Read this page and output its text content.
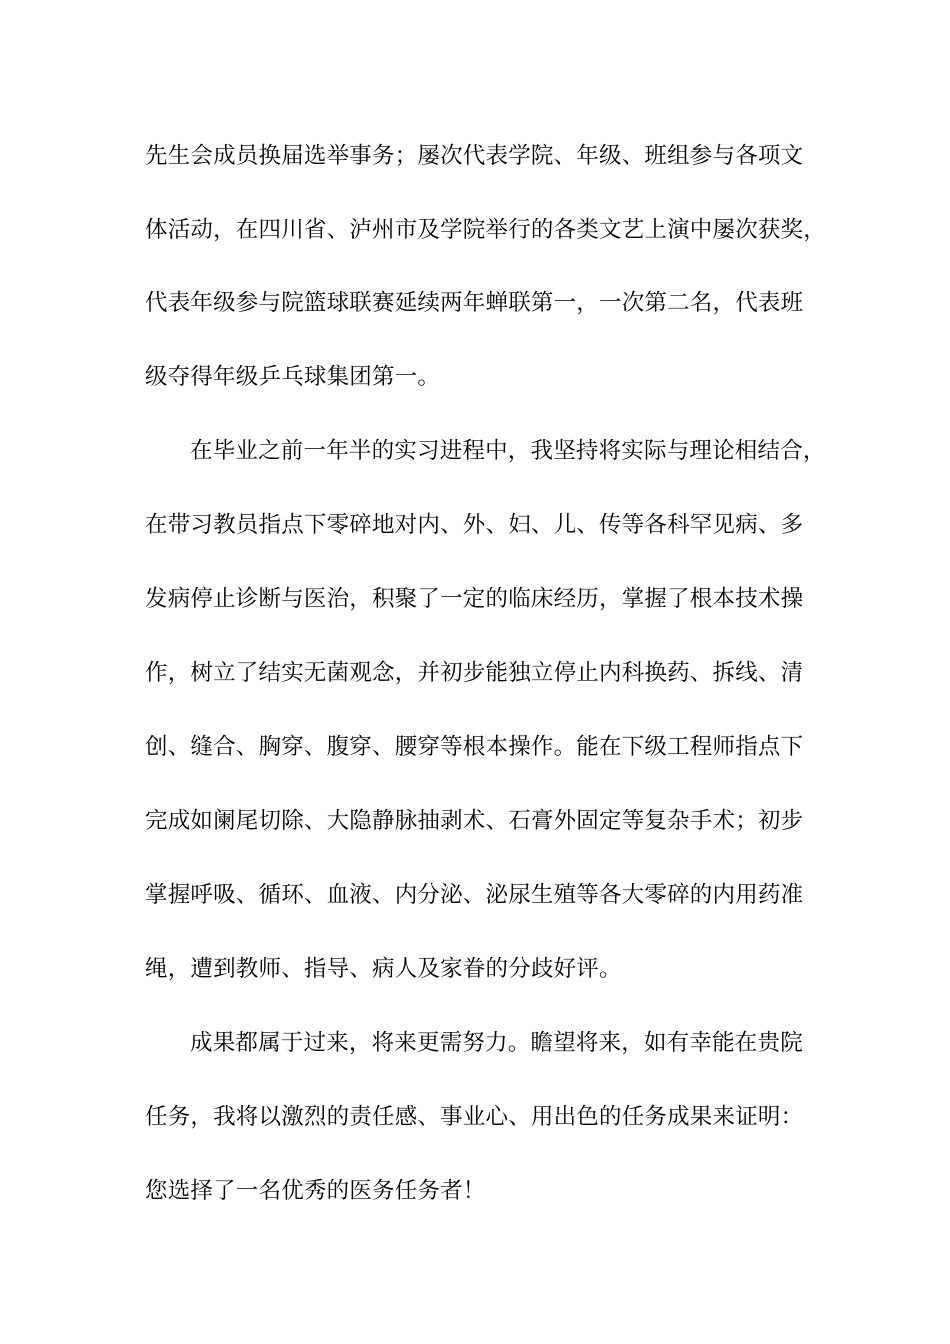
先生会成员换届选举事务；屡次代表学院、年级、班组参与各项文
体活动，在四川省、泸州市及学院举行的各类文艺上演中屡次获奖，
代表年级参与院篮球联赛延续两年蝉联第一，一次第二名，代表班
级夺得年级乒乓球集团第一。
在毕业之前一年半的实习进程中，我坚持将实际与理论相结合，
在带习教员指点下零碎地对内、外、妇、儿、传等各科罕见病、多
发病停止诊断与医治，积聚了一定的临床经历，掌握了根本技术操
作，树立了结实无菌观念，并初步能独立停止内科换药、拆线、清
创、缝合、胸穿、腹穿、腰穿等根本操作。能在下级工程师指点下
完成如阑尾切除、大隐静脉抽剥术、石膏外固定等复杂手术；初步
掌握呼吸、循环、血液、内分泌、泌尿生殖等各大零碎的内用药准
绳，遭到教师、指导、病人及家眷的分歧好评。
成果都属于过来，将来更需努力。瞻望将来，如有幸能在贵院
任务，我将以激烈的责任感、事业心、用出色的任务成果来证明：
您选择了一名优秀的医务任务者！
